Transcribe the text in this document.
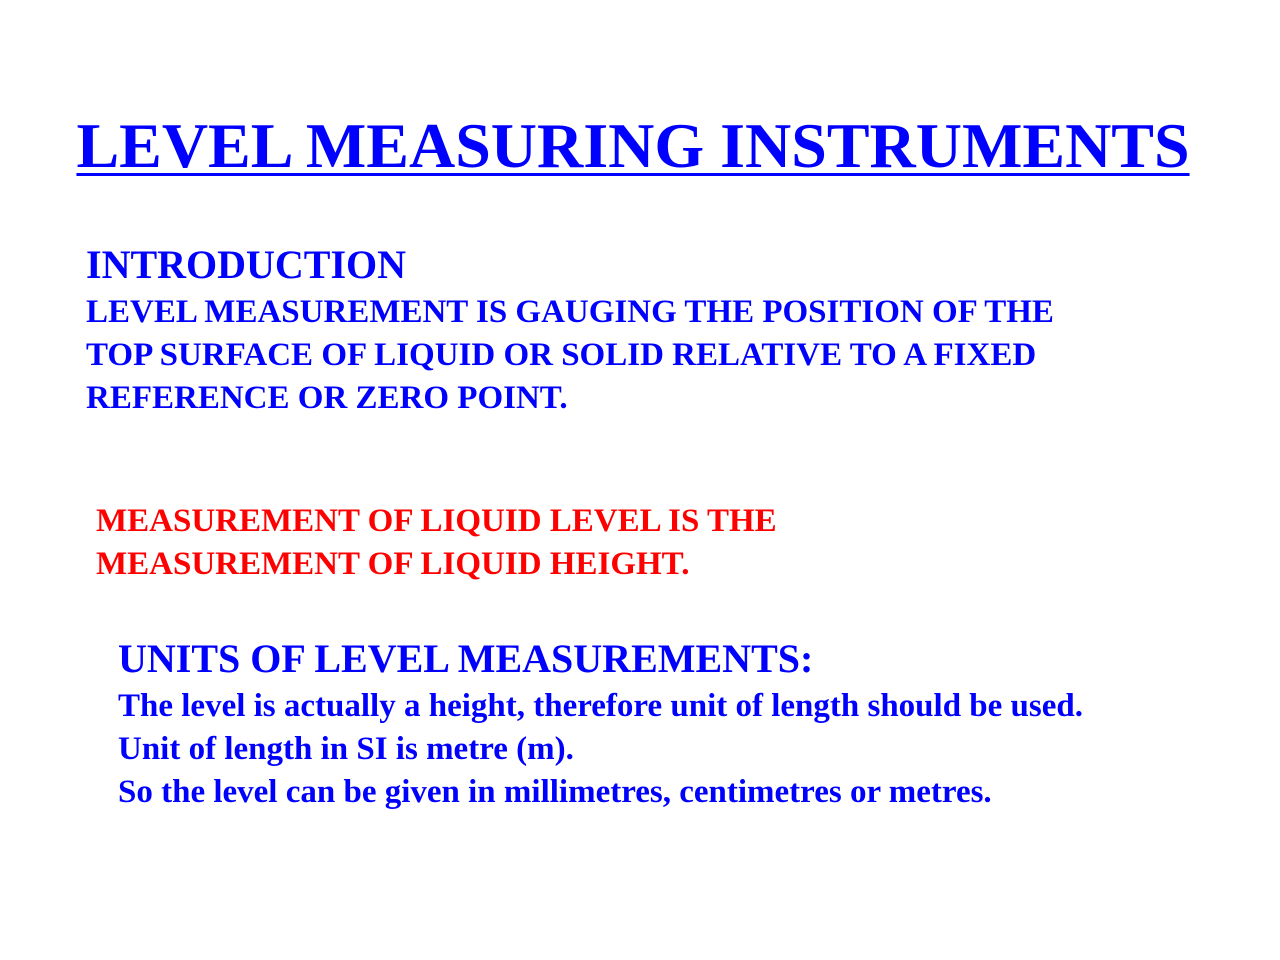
LEVEL MEASURING INSTRUMENTS
INTRODUCTION
LEVEL MEASUREMENT IS GAUGING THE POSITION OF THE
TOP SURFACE OF LIQUID OR SOLID RELATIVE TO A FIXED
REFERENCE OR ZERO POINT.
MEASUREMENT OF LIQUID LEVEL IS THE
MEASUREMENT OF LIQUID HEIGHT.
UNITS OF LEVEL MEASUREMENTS:
The level is actually a height, therefore unit of length should be used.
Unit of length in SI is metre (m).
So the level can be given in millimetres, centimetres or metres.
